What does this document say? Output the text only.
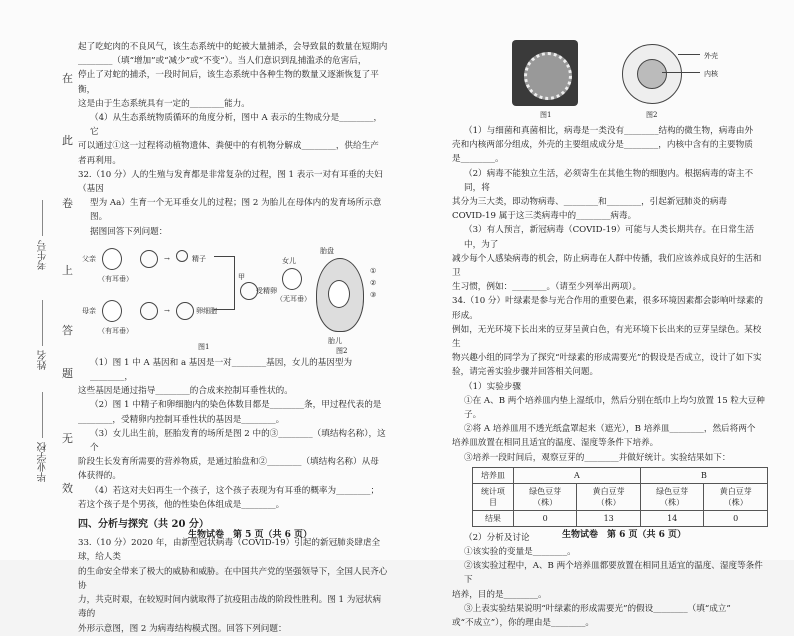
在
此
卷
上
答
题
无
效
考生号
姓名
毕业学校

起了吃蛇肉的不良风气，该生态系统中的蛇被大量捕杀，会导致鼠的数量在短期内

________（填“增加”或“减少”或“不变”）。当人们意识到乱捕滥杀的危害后，

停止了对蛇的捕杀，一段时间后，该生态系统中各种生物的数量又逐渐恢复了平衡，

这是由于生态系统具有一定的________能力。

（4）从生态系统物质循环的角度分析，图中 A 表示的生物成分是________，它

可以通过①这一过程将动植物遗体、粪便中的有机物分解成________，供给生产

者再利用。

32.（10 分）人的生殖与发育都是非常复杂的过程，图 1 表示一对有耳垂的夫妇（基因

型为 Aa）生育一个无耳垂女儿的过程；图 2 为胎儿在母体内的发育场所示意图。

据图回答下列问题：

父亲
（有耳垂）
→	精子
母亲
（有耳垂）
→	卵细胞
甲
受精卵
女儿
（无耳垂）
图1
胎盘
①
②
③
胎儿
图2

（1）图 1 中 A 基因和 a 基因是一对________基因，女儿的基因型为________，

这些基因是通过指导________的合成来控制耳垂性状的。

（2）图 1 中精子和卵细胞内的染色体数目都是________条，甲过程代表的是

________，受精卵内控制耳垂性状的基因是________。

（3）女儿出生前，胚胎发育的场所是图 2 中的③________（填结构名称），这个

阶段生长发育所需要的营养物质，是通过胎盘和②________（填结构名称）从母

体获得的。

（4）若这对夫妇再生一个孩子，这个孩子表现为有耳垂的概率为________；

若这个孩子是个男孩，他的性染色体组成是________。

四、分析与探究（共 20 分）

33.（10 分）2020 年，由新型冠状病毒（COVID-19）引起的新冠肺炎肆虐全球，给人类

的生命安全带来了极大的威胁和威胁。在中国共产党的坚强领导下，全国人民齐心协

力，共克时艰，在较短时间内就取得了抗疫阻击战的阶段性胜利。图 1 为冠状病毒的

外形示意图，图 2 为病毒结构模式图。回答下列问题：

图1
外壳
内核
图2

（1）与细菌和真菌相比，病毒是一类没有________结构的微生物，病毒由外

壳和内核两部分组成，外壳的主要组成成分是________，内核中含有的主要物质

是________。

（2）病毒不能独立生活，必须寄生在其他生物的细胞内。根据病毒的寄主不同，将

其分为三大类，即动物病毒、________和________，引起新冠肺炎的病毒

COVID-19 属于这三类病毒中的________病毒。

（3）有人预言，新冠病毒（COVID-19）可能与人类长期共存。在日常生活中，为了

减少每个人感染病毒的机会，防止病毒在人群中传播，我们应该养成良好的生活和卫

生习惯，例如：________。（请至少列举出两项）。

34.（10 分）叶绿素是参与光合作用的重要色素，很多环境因素都会影响叶绿素的形成。

例如，无光环境下长出来的豆芽呈黄白色，有光环境下长出来的豆芽呈绿色。某校生

物兴趣小组的同学为了探究“叶绿素的形成需要光”的假设是否成立，设计了如下实

验，请完善实验步骤并回答相关问题。

（1）实验步骤

①在 A、B 两个培养皿内垫上湿纸巾，然后分别在纸巾上均匀放置 15 粒大豆种子。

②将 A 培养皿用不透光纸盒罩起来（遮光），B 培养皿________，然后将两个

培养皿放置在相同且适宜的温度、湿度等条件下培养。

③培养一段时间后，观察豆芽的________并做好统计。实验结果如下：

培养皿	A		B	
统计项目	绿色豆芽（株）	黄白豆芽（株）	绿色豆芽（株）	黄白豆芽（株）
结果	0	13	14	0

（2）分析及讨论

①该实验的变量是________。

②该实验过程中，A、B 两个培养皿都要放置在相同且适宜的温度、湿度等条件下

培养，目的是________。

③上表实验结果说明“叶绿素的形成需要光”的假设________（填“成立”

或“不成立”），你的理由是________。

生物试卷　第 5 页（共 6 页）	生物试卷　第 6 页（共 6 页）
